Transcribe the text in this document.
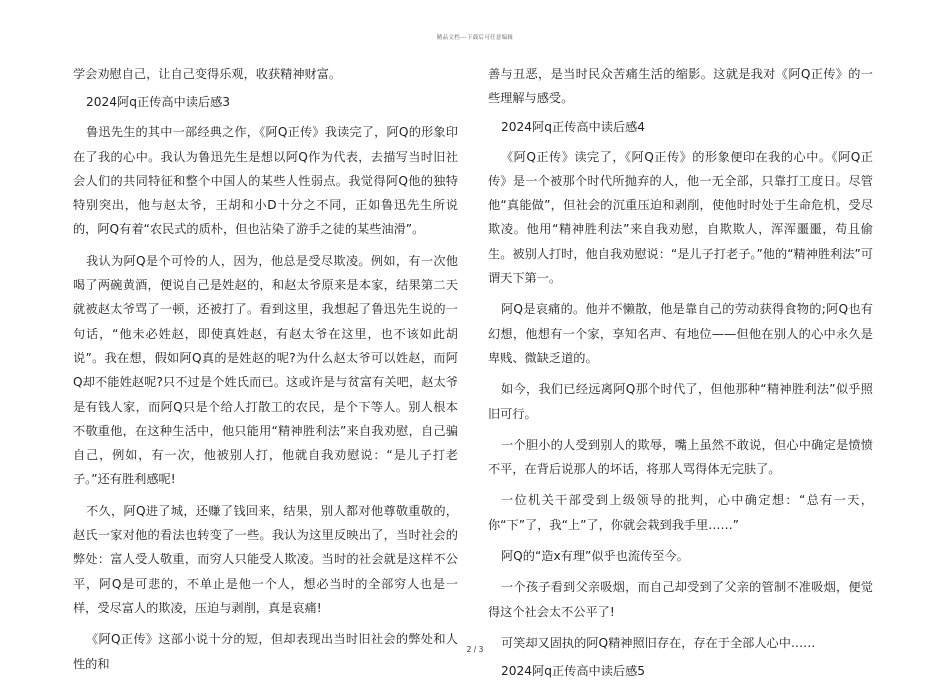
精品文档---下载后可任意编辑

学会劝慰自己，让自己变得乐观，收获精神财富。

2024阿q正传高中读后感3

鲁迅先生的其中一部经典之作，《阿Q正传》我读完了，阿Q的形象印在了我的心中。我认为鲁迅先生是想以阿Q作为代表，去描写当时旧社会人们的共同特征和整个中国人的某些人性弱点。我觉得阿Q他的独特特别突出，他与赵太爷，王胡和小D十分之不同，正如鲁迅先生所说的，阿Q有着“农民式的质朴，但也沾染了游手之徒的某些油滑”。

我认为阿Q是个可怜的人，因为，他总是受尽欺凌。例如，有一次他喝了两碗黄酒，便说自己是姓赵的，和赵太爷原来是本家，结果第二天就被赵太爷骂了一顿，还被打了。看到这里，我想起了鲁迅先生说的一句话，“他未必姓赵，即使真姓赵，有赵太爷在这里，也不该如此胡说”。我在想，假如阿Q真的是姓赵的呢?为什么赵太爷可以姓赵，而阿Q却不能姓赵呢?只不过是个姓氏而已。这或许是与贫富有关吧，赵太爷是有钱人家，而阿Q只是个给人打散工的农民，是个下等人。别人根本不敬重他，在这种生活中，他只能用“精神胜利法”来自我劝慰，自己骗自己，例如，有一次，他被别人打，他就自我劝慰说：“是儿子打老子。”还有胜利感呢!

不久，阿Q进了城，还赚了钱回来，结果，别人都对他尊敬重敬的，赵氏一家对他的看法也转变了一些。我认为这里反映出了，当时社会的弊处：富人受人敬重，而穷人只能受人欺凌。当时的社会就是这样不公平，阿Q是可悲的，不单止是他一个人，想必当时的全部穷人也是一样，受尽富人的欺凌，压迫与剥削，真是哀痛!

《阿Q正传》这部小说十分的短，但却表现出当时旧社会的弊处和人性的和

善与丑恶，是当时民众苦痛生活的缩影。这就是我对《阿Q正传》的一些理解与感受。

2024阿q正传高中读后感4

《阿Q正传》读完了，《阿Q正传》的形象便印在我的心中。《阿Q正传》是一个被那个时代所抛弃的人，他一无全部，只靠打工度日。尽管他“真能做”，但社会的沉重压迫和剥削，使他时时处于生命危机，受尽欺凌。他用“精神胜利法”来自我劝慰，自欺欺人，浑浑噩噩，苟且偷生。被别人打时，他自我劝慰说：“是儿子打老子。”他的“精神胜利法”可谓天下第一。

阿Q是哀痛的。他并不懒散，他是靠自己的劳动获得食物的;阿Q也有幻想，他想有一个家，享知名声、有地位——但他在别人的心中永久是卑贱、微缺乏道的。

如今，我们已经远离阿Q那个时代了，但他那种“精神胜利法”似乎照旧可行。

一个胆小的人受到别人的欺辱，嘴上虽然不敢说，但心中确定是愤愤不平，在背后说那人的坏话，将那人骂得体无完肤了。

一位机关干部受到上级领导的批判，心中确定想：“总有一天，你“下”了，我“上”了，你就会栽到我手里……”

阿Q的“造x有理”似乎也流传至今。

一个孩子看到父亲吸烟，而自己却受到了父亲的管制不准吸烟，便觉得这个社会太不公平了!

可笑却又固执的阿Q精神照旧存在，存在于全部人心中……

2024阿q正传高中读后感5

2 / 3
